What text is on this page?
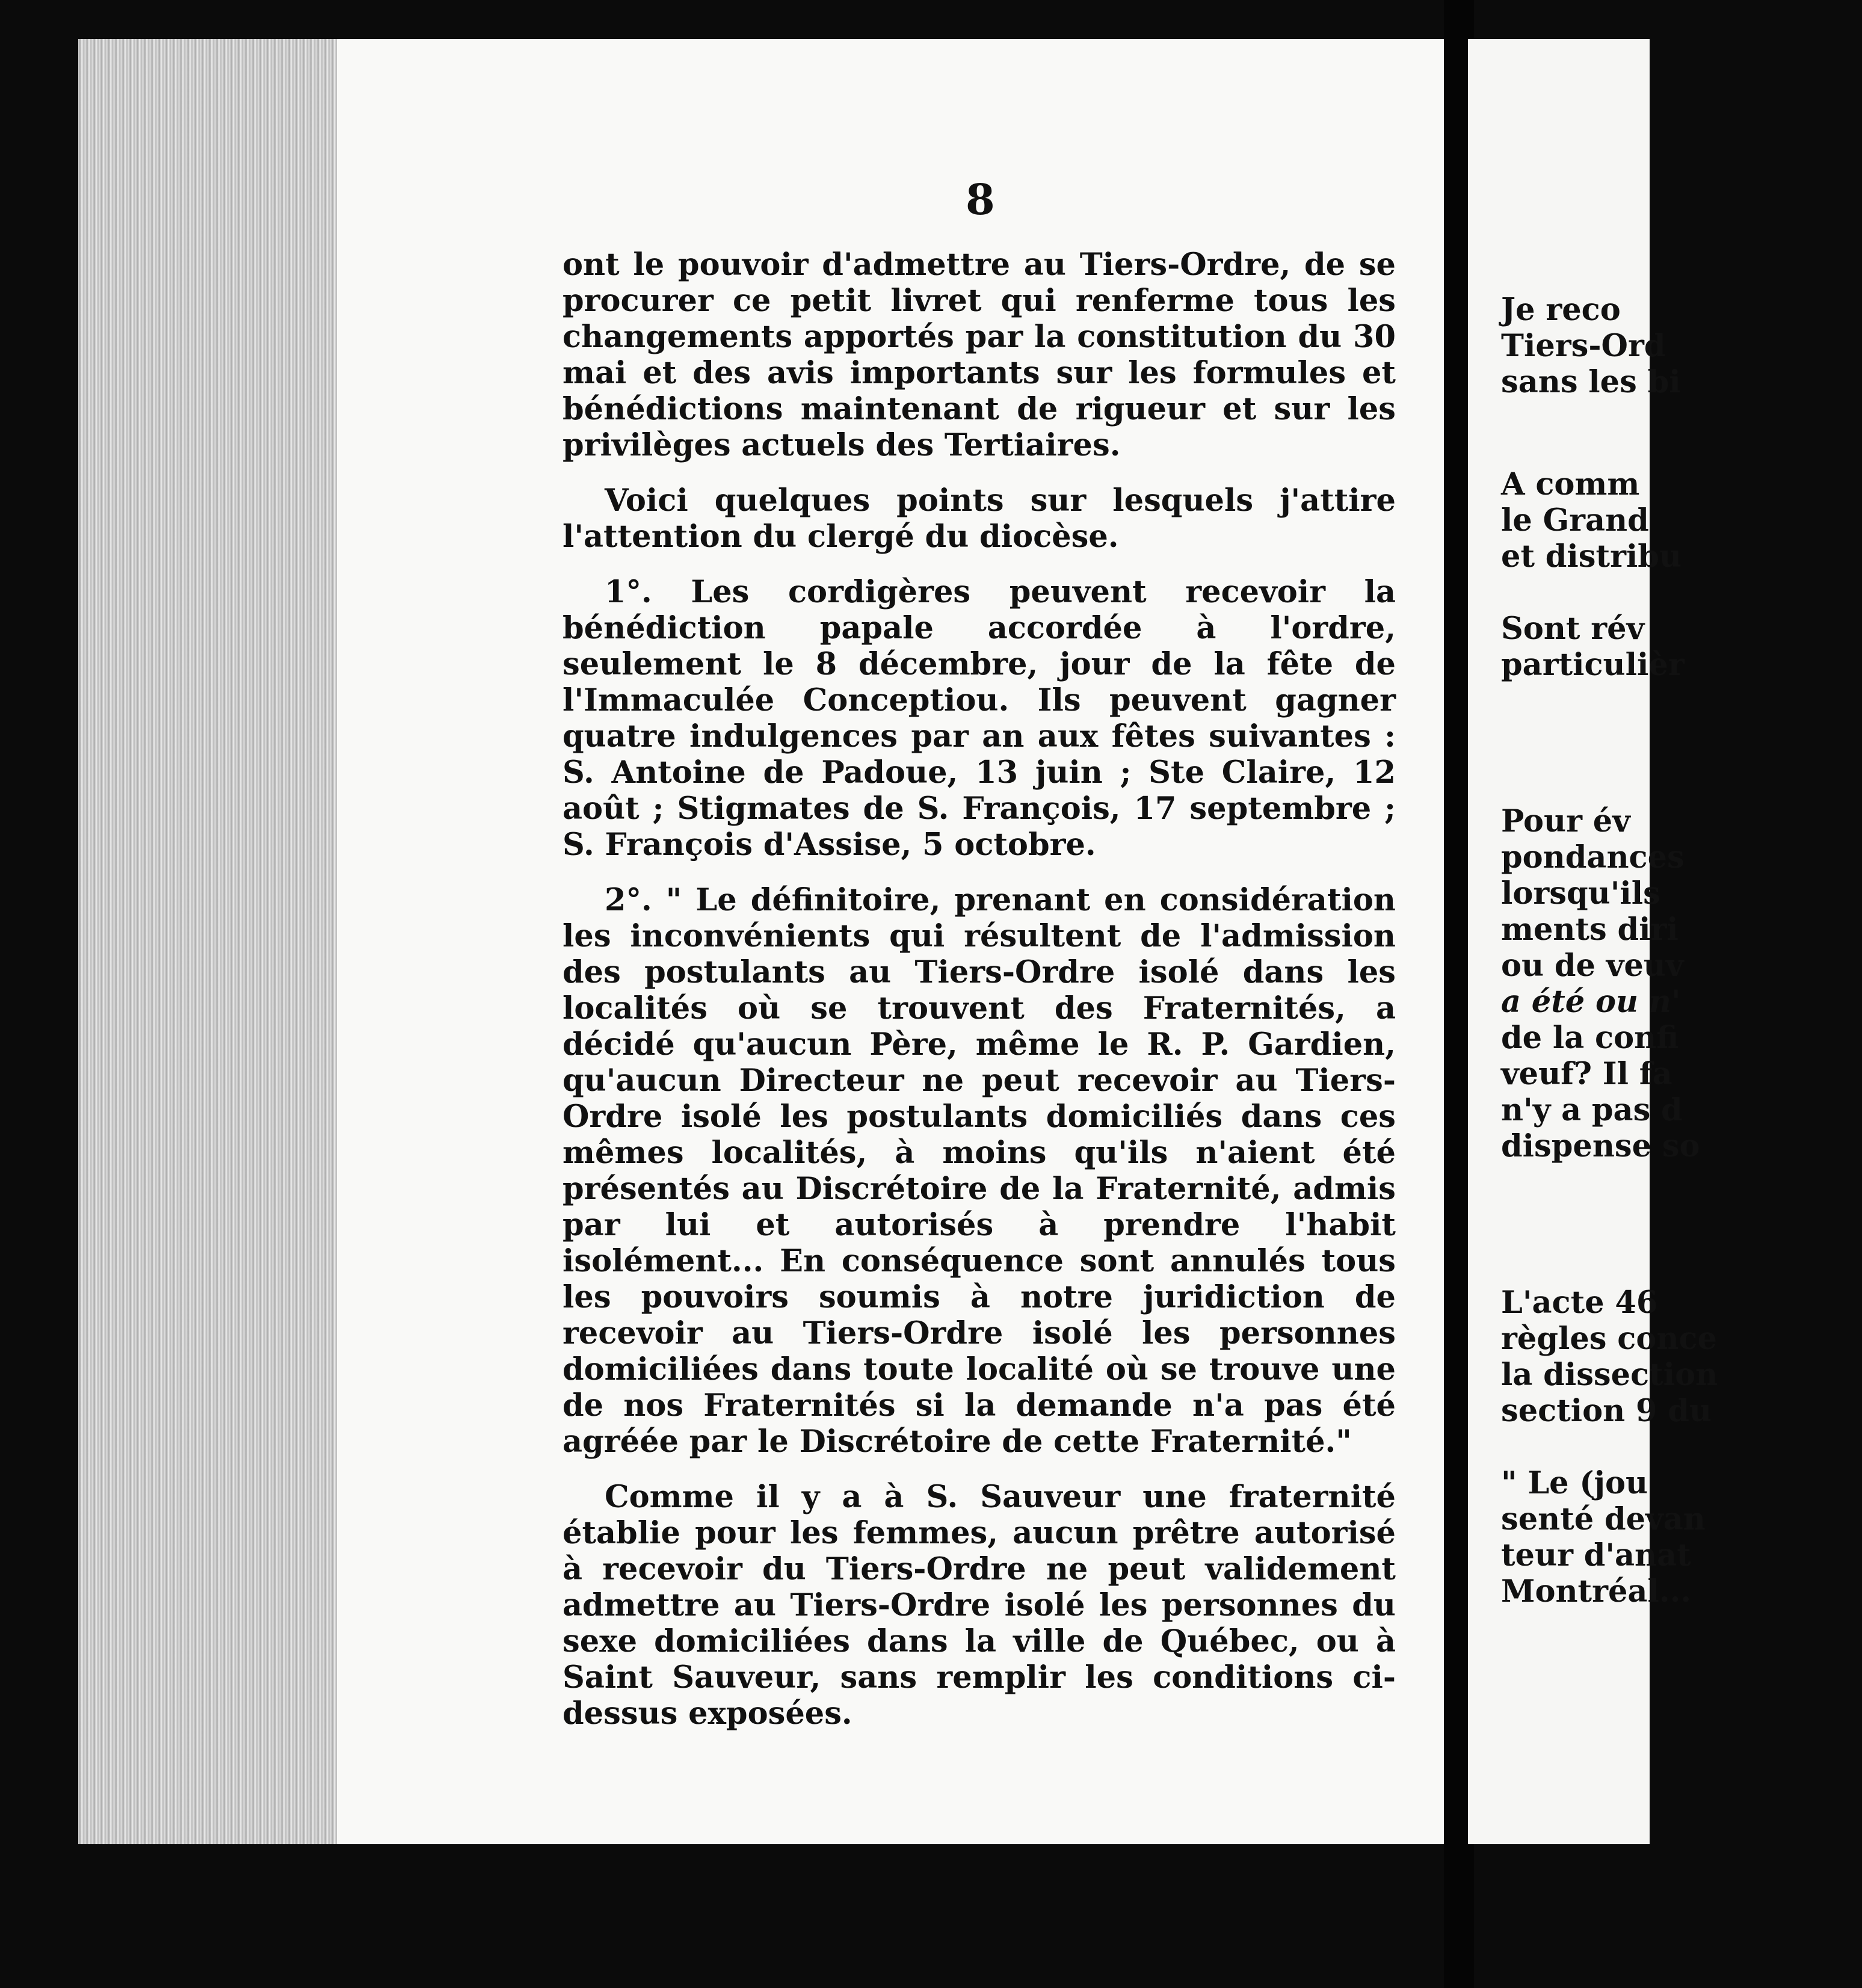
8

ont le pouvoir d'admettre au Tiers-Ordre, de se procurer ce petit livret qui renferme tous les changements apportés par la constitution du 30 mai et des avis importants sur les formules et bénédictions maintenant de rigueur et sur les privilèges actuels des Tertiaires.

Voici quelques points sur lesquels j'attire l'attention du clergé du diocèse.

1°. Les cordigères peuvent recevoir la bénédiction papale accordée à l'ordre, seulement le 8 décembre, jour de la fête de l'Immaculée Conceptiou. Ils peuvent gagner quatre indulgences par an aux fêtes suivantes : S. Antoine de Padoue, 13 juin ; Ste Claire, 12 août ; Stigmates de S. François, 17 septembre ; S. François d'Assise, 5 octobre.

2°. " Le définitoire, prenant en considération les inconvénients qui résultent de l'admission des postulants au Tiers-Ordre isolé dans les localités où se trouvent des Fraternités, a décidé qu'aucun Père, même le R. P. Gardien, qu'aucun Directeur ne peut recevoir au Tiers-Ordre isolé les postulants domiciliés dans ces mêmes localités, à moins qu'ils n'aient été présentés au Discrétoire de la Fraternité, admis par lui et autorisés à prendre l'habit isolément... En conséquence sont annulés tous les pouvoirs soumis à notre juridiction de recevoir au Tiers-Ordre isolé les personnes domiciliées dans toute localité où se trouve une de nos Fraternités si la demande n'a pas été agréée par le Discrétoire de cette Fraternité."

Comme il y a à S. Sauveur une fraternité établie pour les femmes, aucun prêtre autorisé à recevoir du Tiers-Ordre ne peut validement admettre au Tiers-Ordre isolé les personnes du sexe domiciliées dans la ville de Québec, ou à Saint Sauveur, sans remplir les conditions ci-dessus exposées.

Je reco
Tiers-Ord
sans les bi
A comm
le Grand
et distribu
Sont rév
particulièr
Pour év
pondances
lorsqu'ils
ments diri
ou de veuv
a été ou n'
de la confi
veuf? Il fa
n'y a pas d
dispense so
L'acte 46
règles conce
la dissection
section 9 du
" Le (jou
senté devan
teur d'anat
Montréal...
